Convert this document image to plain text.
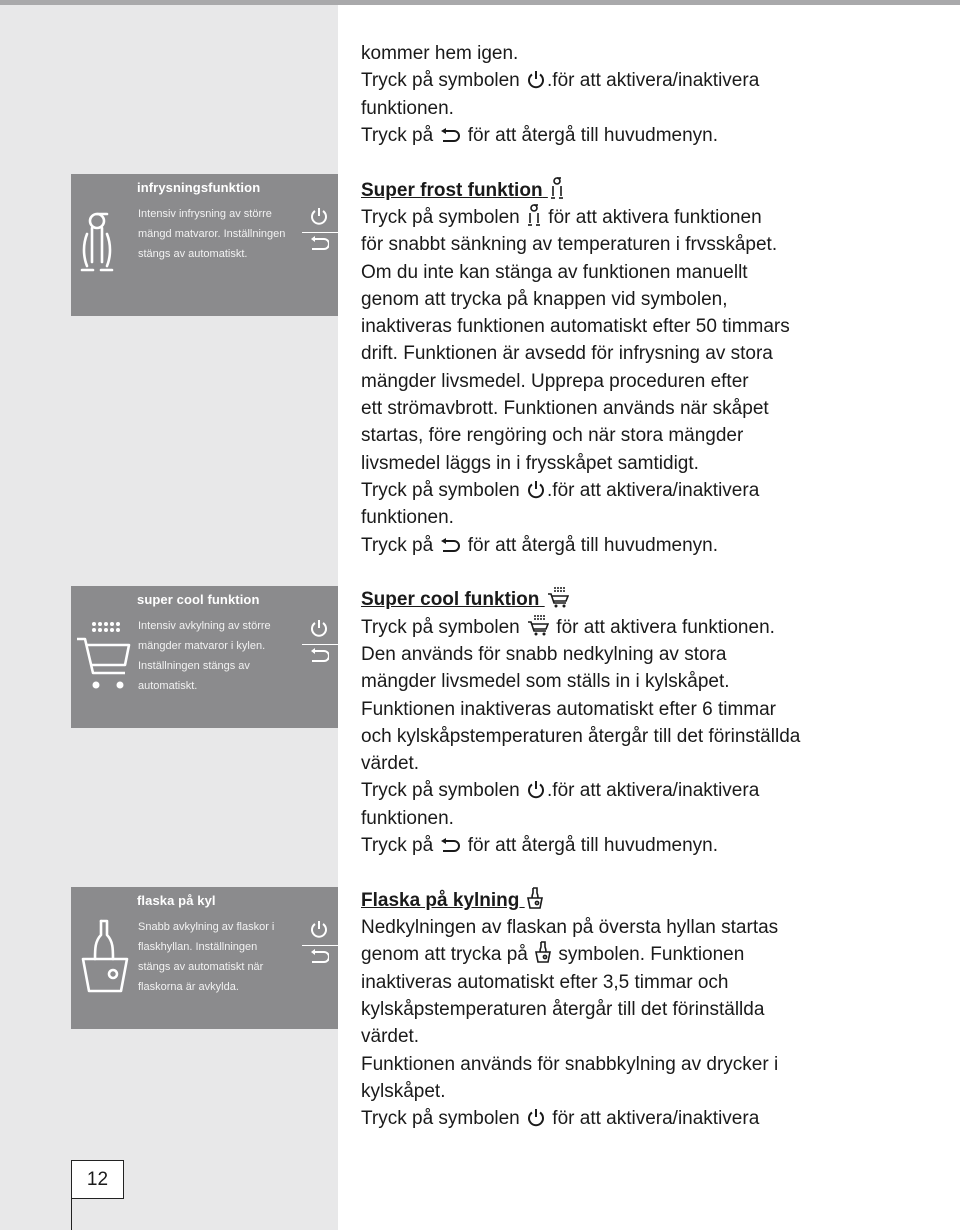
infrysningsfunktion
Intensiv infrysning av större
mängd matvaror. Inställningen
stängs av automatiskt.
super cool funktion
Intensiv avkylning av större
mängder matvaror i kylen.
Inställningen stängs av
automatiskt.
flaska på kyl
Snabb avkylning av flaskor i
flaskhyllan. Inställningen
stängs av automatiskt när
flaskorna är avkylda.
12

kommer hem igen.

Tryck på symbolen .för att aktivera/inaktivera

funktionen.

Tryck på  för att återgå till huvudmenyn.

Super frost funktion

Tryck på symbolen  för att aktivera funktionen

för snabbt sänkning av temperaturen i frvsskåpet.

Om du inte kan stänga av funktionen manuellt

genom att trycka på knappen vid symbolen,

inaktiveras funktionen automatiskt efter 50 timmars

drift. Funktionen är avsedd för infrysning av stora

mängder livsmedel. Upprepa proceduren efter

ett strömavbrott. Funktionen används när skåpet

startas, före rengöring och när stora mängder

livsmedel läggs in i frysskåpet samtidigt.

Tryck på symbolen .för att aktivera/inaktivera

funktionen.

Tryck på  för att återgå till huvudmenyn.

Super cool funktion

Tryck på symbolen  för att aktivera funktionen.

Den används för snabb nedkylning av stora

mängder livsmedel som ställs in i kylskåpet.

Funktionen inaktiveras automatiskt efter 6 timmar

och kylskåpstemperaturen återgår till det förinställda

värdet.

Tryck på symbolen .för att aktivera/inaktivera

funktionen.

Tryck på  för att återgå till huvudmenyn.

Flaska på kylning

Nedkylningen av flaskan på översta hyllan startas

genom att trycka på  symbolen. Funktionen

inaktiveras automatiskt efter 3,5 timmar och

kylskåpstemperaturen återgår till det förinställda

värdet.

Funktionen används för snabbkylning av drycker i

kylskåpet.

Tryck på symbolen  för att aktivera/inaktivera
